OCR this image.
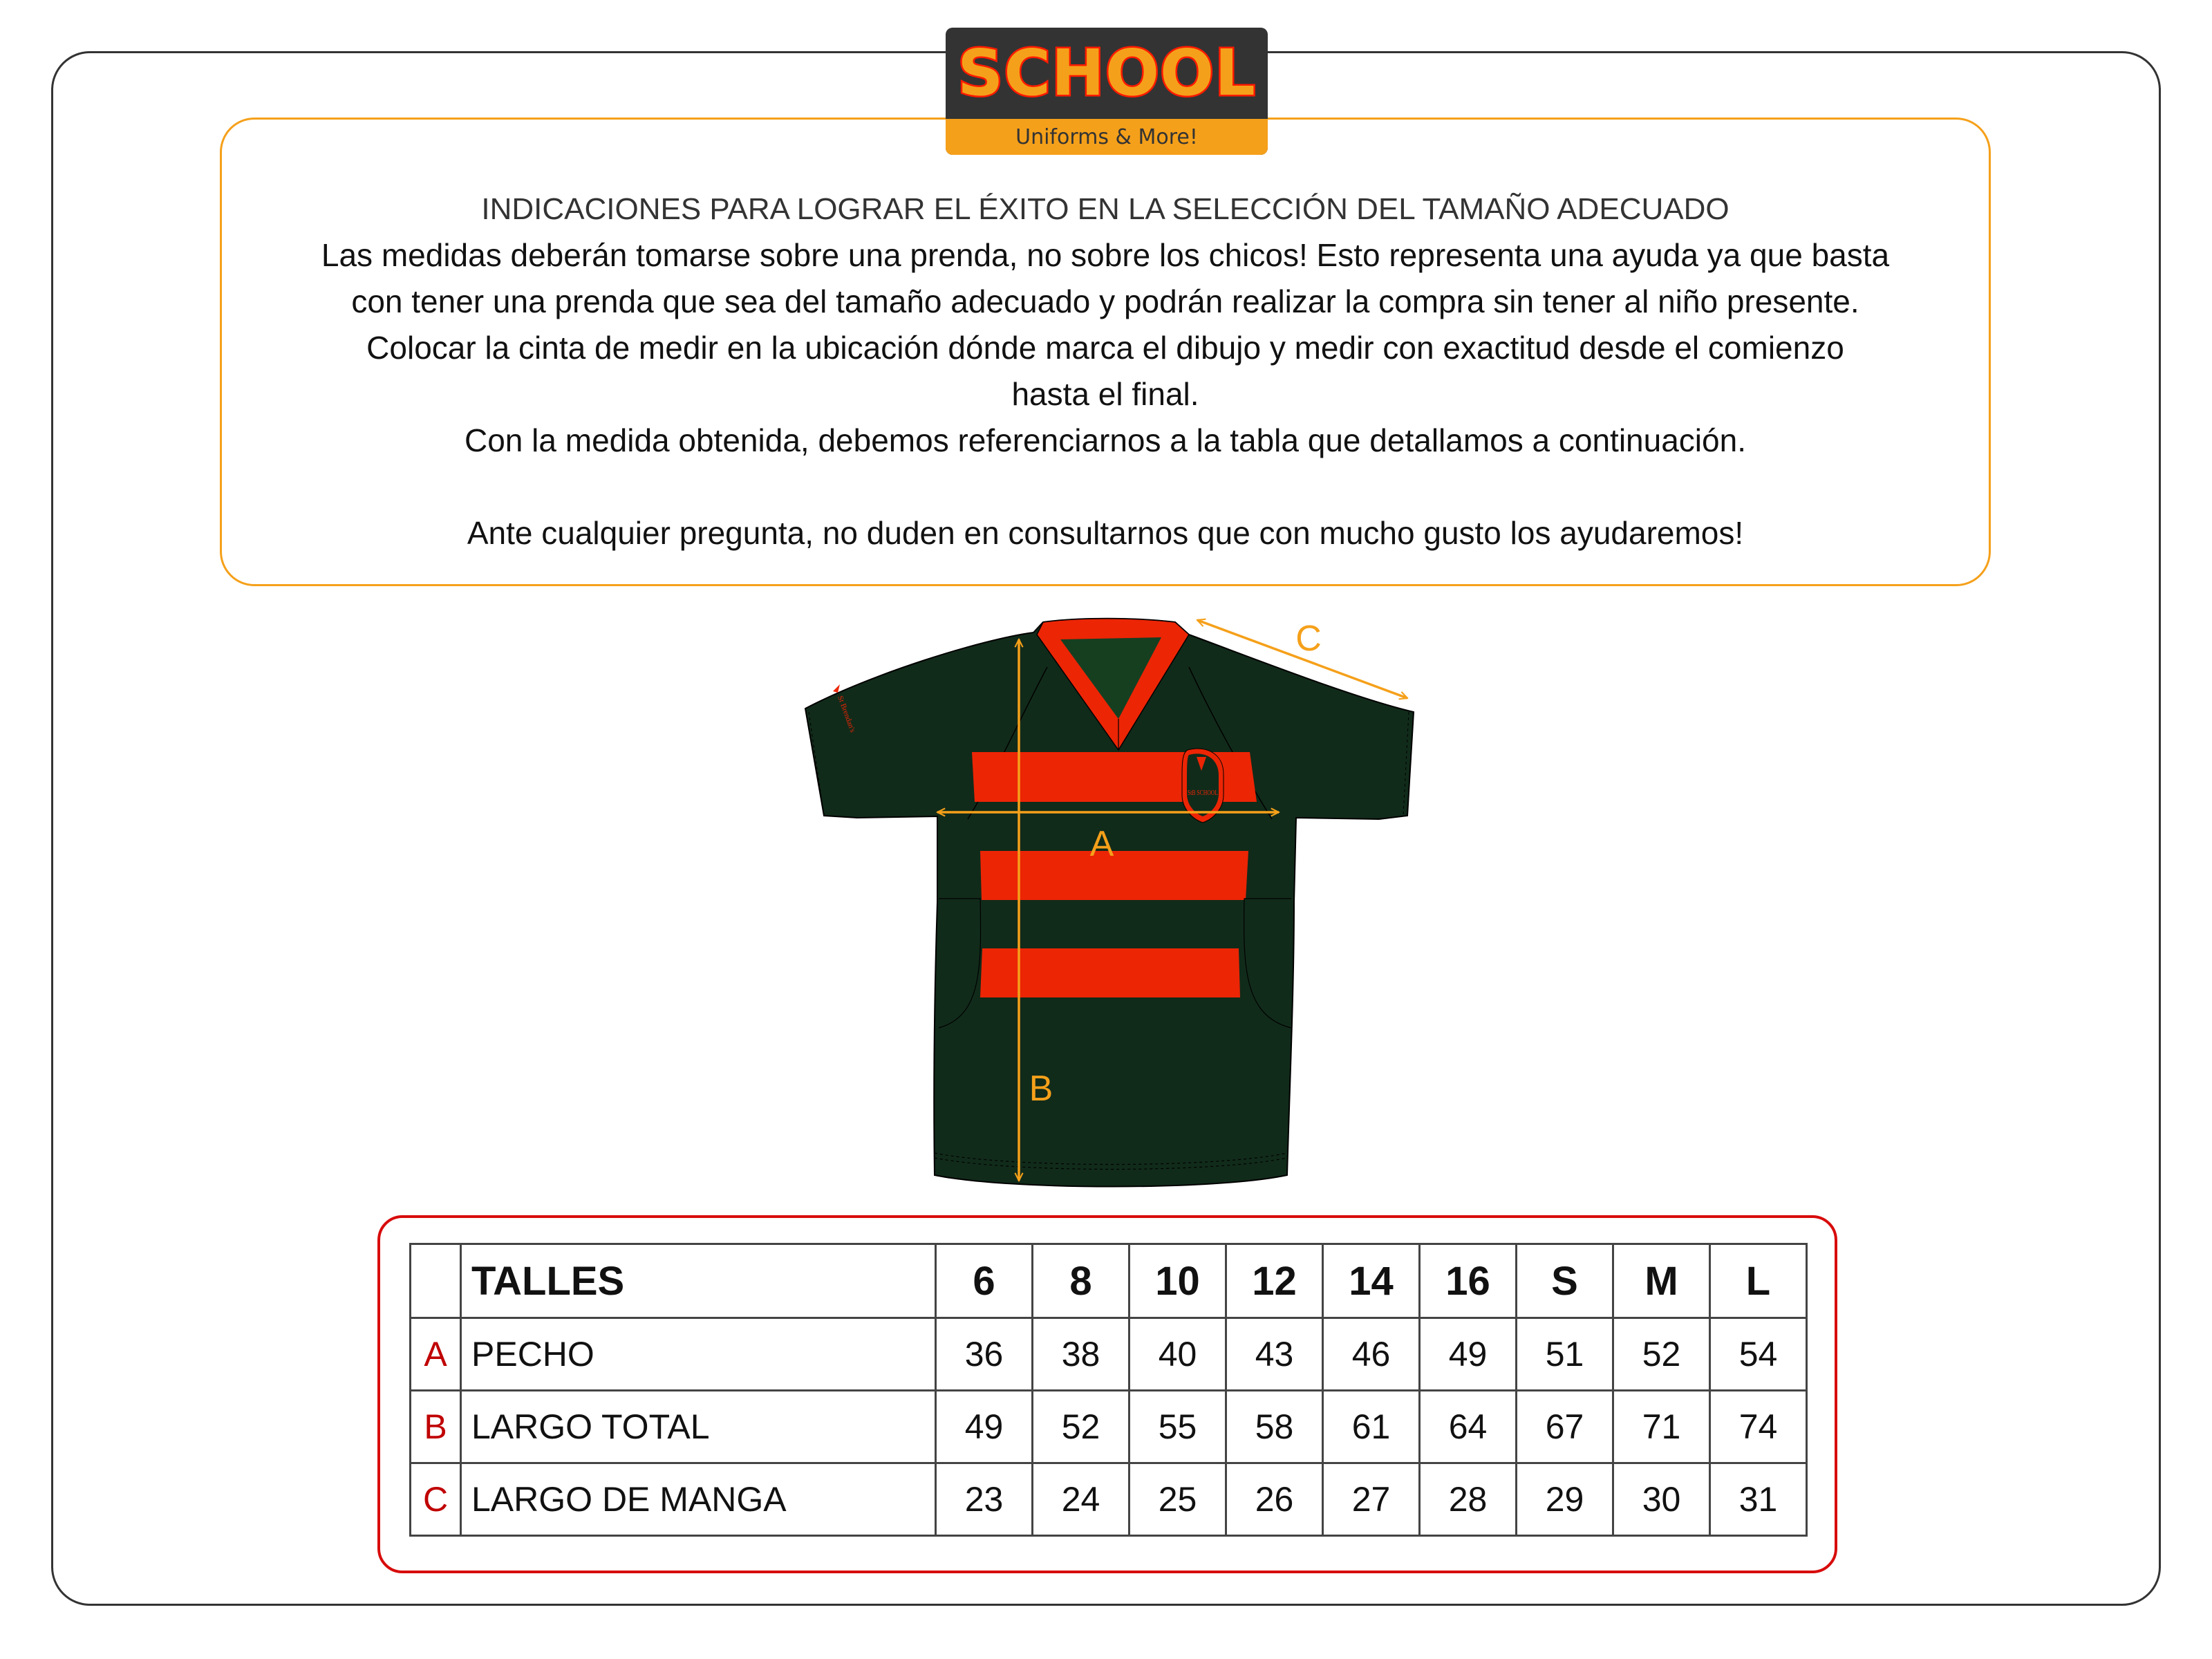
INDICACIONES PARA LOGRAR EL ÉXITO EN LA SELECCIÓN DEL TAMAÑO ADECUADO
Las medidas deberán tomarse sobre una prenda, no sobre los chicos! Esto representa una ayuda ya que basta
con tener una prenda que sea del tamaño adecuado y podrán realizar la compra sin tener al niño presente.
Colocar la cinta de medir en la ubicación dónde marca el dibujo y medir con exactitud desde el comienzo
hasta el final.
Con la medida obtenida, debemos referenciarnos a la tabla que detallamos a continuación.
Ante cualquier pregunta, no duden en consultarnos que con mucho gusto los ayudaremos!
SCHOOL
Uniforms & More!
StB SCHOOL
St Brendan's
A
B
C
	TALLES	6	8	10	12	14	16	S	M	L
A	PECHO	36	38	40	43	46	49	51	52	54
B	LARGO TOTAL	49	52	55	58	61	64	67	71	74
C	LARGO DE MANGA	23	24	25	26	27	28	29	30	31
